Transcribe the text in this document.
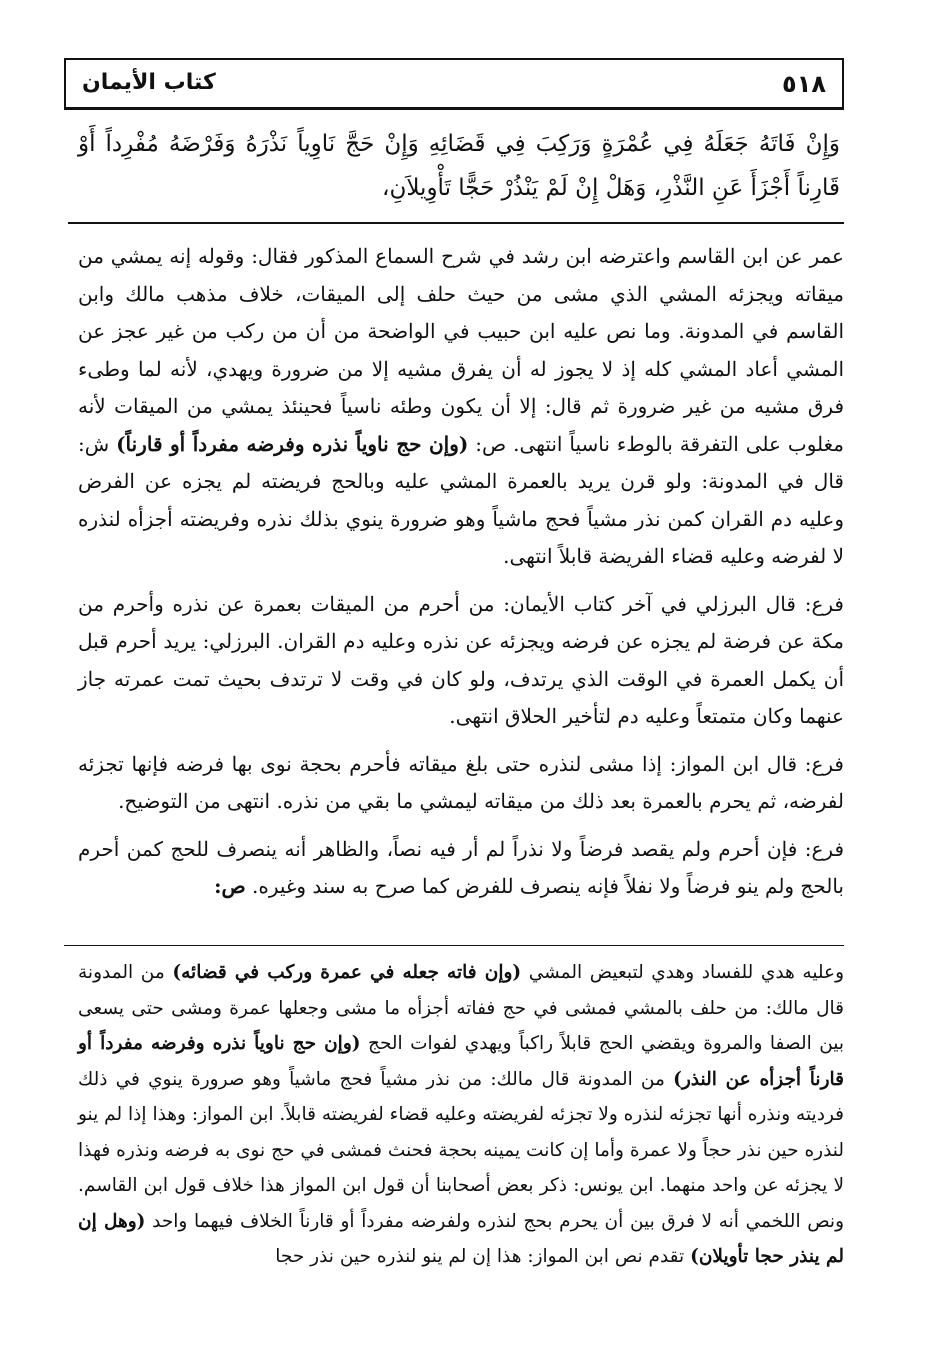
٥١٨
كتاب الأيمان
وَإِنْ فَاتَهُ جَعَلَهُ فِي عُمْرَةٍ وَرَكِبَ فِي قَضَائِهِ وَإِنْ حَجَّ نَاوِياً نَذْرَهُ وَفَرْضَهُ مُفْرِداً أَوْ قَارِناً أَجْزَأَ عَنِ النَّذْرِ، وَهَلْ إِنْ لَمْ يَنْذُرْ حَجًّا تَأْوِيلاَنِ،

عمر عن ابن القاسم واعترضه ابن رشد في شرح السماع المذكور فقال: وقوله إنه يمشي من ميقاته ويجزئه المشي الذي مشى من حيث حلف إلى الميقات، خلاف مذهب مالك وابن القاسم في المدونة. وما نص عليه ابن حبيب في الواضحة من أن من ركب من غير عجز عن المشي أعاد المشي كله إذ لا يجوز له أن يفرق مشيه إلا من ضرورة ويهدي، لأنه لما وطىء فرق مشيه من غير ضرورة ثم قال: إلا أن يكون وطئه ناسياً فحينئذ يمشي من الميقات لأنه مغلوب على التفرقة بالوطء ناسياً انتهى. ص: (وإن حج ناوياً نذره وفرضه مفرداً أو قارناً) ش: قال في المدونة: ولو قرن يريد بالعمرة المشي عليه وبالحج فريضته لم يجزه عن الفرض وعليه دم القران كمن نذر مشياً فحج ماشياً وهو ضرورة ينوي بذلك نذره وفريضته أجزأه لنذره لا لفرضه وعليه قضاء الفريضة قابلاً انتهى.

فرع: قال البرزلي في آخر كتاب الأيمان: من أحرم من الميقات بعمرة عن نذره وأحرم من مكة عن فرضة لم يجزه عن فرضه ويجزئه عن نذره وعليه دم القران. البرزلي: يريد أحرم قبل أن يكمل العمرة في الوقت الذي يرتدف، ولو كان في وقت لا ترتدف بحيث تمت عمرته جاز عنهما وكان متمتعاً وعليه دم لتأخير الحلاق انتهى.

فرع: قال ابن المواز: إذا مشى لنذره حتى بلغ ميقاته فأحرم بحجة نوى بها فرضه فإنها تجزئه لفرضه، ثم يحرم بالعمرة بعد ذلك من ميقاته ليمشي ما بقي من نذره. انتهى من التوضيح.

فرع: فإن أحرم ولم يقصد فرضاً ولا نذراً لم أر فيه نصاً، والظاهر أنه ينصرف للحج كمن أحرم بالحج ولم ينو فرضاً ولا نفلاً فإنه ينصرف للفرض كما صرح به سند وغيره. ص:

وعليه هدي للفساد وهدي لتبعيض المشي (وإن فاته جعله في عمرة وركب في قضائه) من المدونة قال مالك: من حلف بالمشي فمشى في حج ففاته أجزأه ما مشى وجعلها عمرة ومشى حتى يسعى بين الصفا والمروة ويقضي الحج قابلاً راكباً ويهدي لفوات الحج (وإن حج ناوياً نذره وفرضه مفرداً أو قارناً أجزأه عن النذر) من المدونة قال مالك: من نذر مشياً فحج ماشياً وهو صرورة ينوي في ذلك فرديته ونذره أنها تجزئه لنذره ولا تجزئه لفريضته وعليه قضاء لفريضته قابلاً. ابن المواز: وهذا إذا لم ينو لنذره حين نذر حجاً ولا عمرة وأما إن كانت يمينه بحجة فحنث فمشى في حج نوى به فرضه ونذره فهذا لا يجزئه عن واحد منهما. ابن يونس: ذكر بعض أصحابنا أن قول ابن المواز هذا خلاف قول ابن القاسم. ونص اللخمي أنه لا فرق بين أن يحرم بحج لنذره ولفرضه مفرداً أو قارناً الخلاف فيهما واحد (وهل إن لم ينذر حجا تأويلان) تقدم نص ابن المواز: هذا إن لم ينو لنذره حين نذر حجا
